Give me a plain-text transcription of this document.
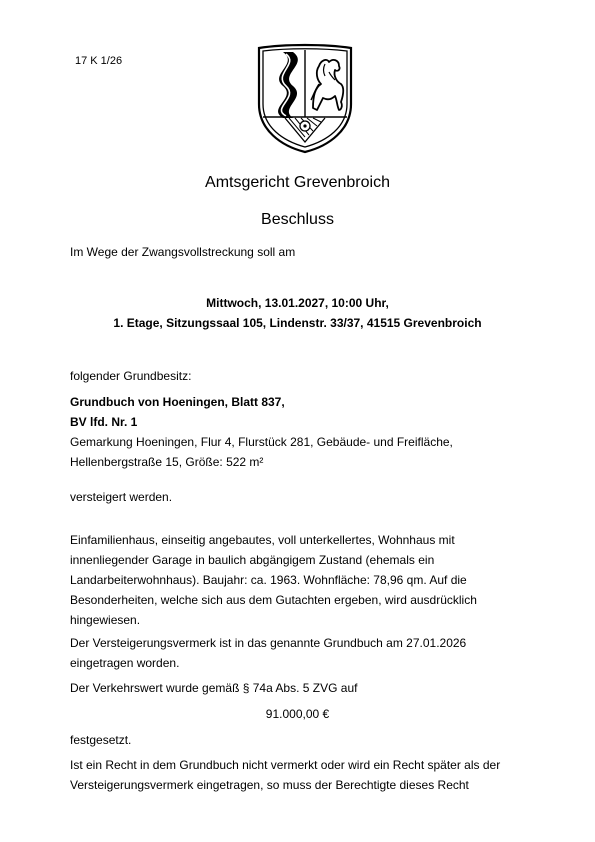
17 K 1/26
Amtsgericht Grevenbroich
Beschluss
Im Wege der Zwangsvollstreckung soll am
Mittwoch, 13.01.2027, 10:00 Uhr,
1. Etage, Sitzungssaal 105, Lindenstr. 33/37, 41515 Grevenbroich
folgender Grundbesitz:
Grundbuch von Hoeningen, Blatt 837,
BV lfd. Nr. 1
Gemarkung Hoeningen, Flur 4, Flurstück 281, Gebäude- und Freifläche,
Hellenbergstraße 15, Größe: 522 m²
versteigert werden.
Einfamilienhaus, einseitig angebautes, voll unterkellertes, Wohnhaus mit
innenliegender Garage in baulich abgängigem Zustand (ehemals ein
Landarbeiterwohnhaus). Baujahr: ca. 1963. Wohnfläche: 78,96 qm. Auf die
Besonderheiten, welche sich aus dem Gutachten ergeben, wird ausdrücklich
hingewiesen.
Der Versteigerungsvermerk ist in das genannte Grundbuch am 27.01.2026
eingetragen worden.
Der Verkehrswert wurde gemäß § 74a Abs. 5 ZVG auf
91.000,00 €
festgesetzt.
Ist ein Recht in dem Grundbuch nicht vermerkt oder wird ein Recht später als der
Versteigerungsvermerk eingetragen, so muss der Berechtigte dieses Recht
